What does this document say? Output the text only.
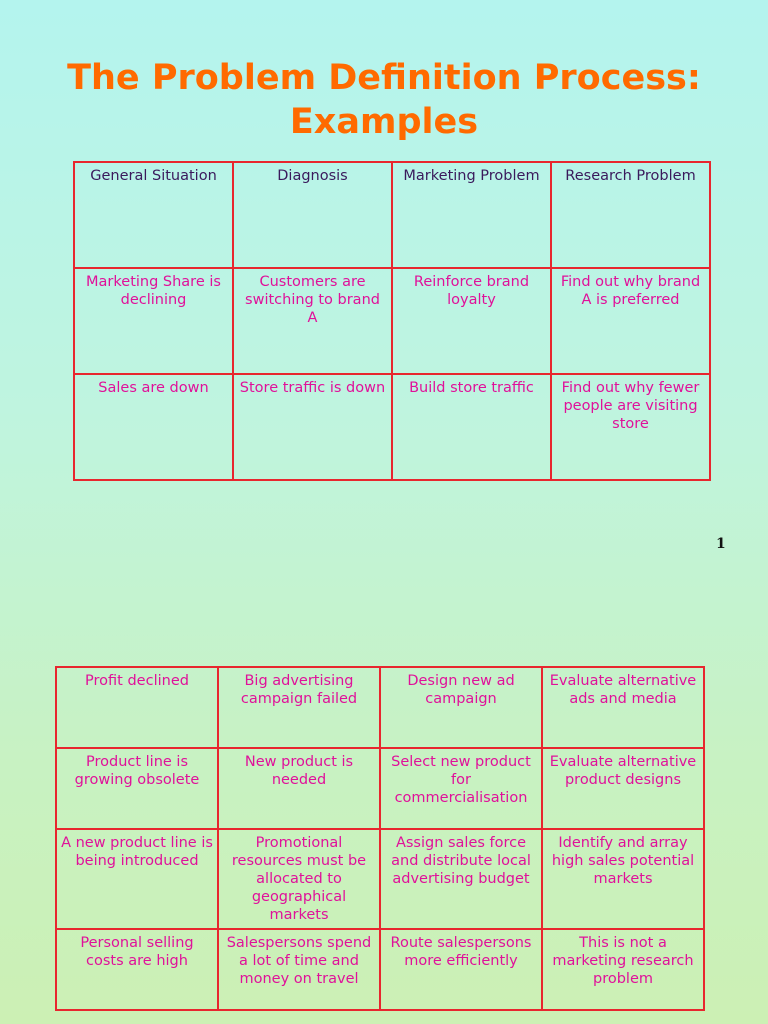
The Problem Definition Process:
Examples
General Situation	Diagnosis	Marketing Problem	Research Problem
Marketing Share is declining	Customers are switching to brand A	Reinforce brand loyalty	Find out why brand A is preferred
Sales are down	Store traffic is down	Build store traffic	Find out why fewer people are visiting store
1
Profit declined	Big advertising campaign failed	Design new ad campaign	Evaluate alternative ads and media
Product line is growing obsolete	New product is needed	Select new product for commercialisation	Evaluate alternative product designs
A new product line is being introduced	Promotional resources must be allocated to geographical markets	Assign sales force and distribute local advertising budget	Identify and array high sales potential markets
Personal selling costs are high	Salespersons spend a lot of time and money on travel	Route salespersons more efficiently	This is not a marketing research problem
